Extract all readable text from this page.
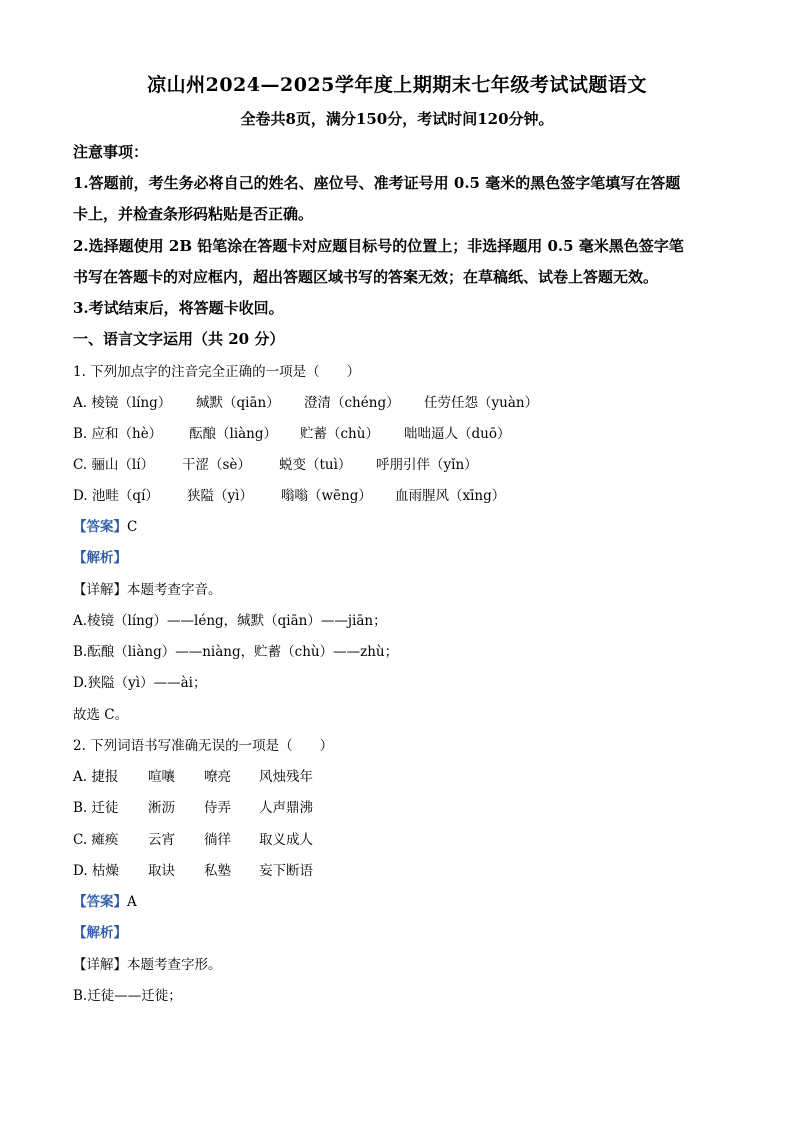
凉山州2024—2025学年度上期期末七年级考试试题语文
全卷共8页，满分150分，考试时间120分钟。
注意事项：
1.答题前，考生务必将自己的姓名、座位号、准考证号用 0.5 毫米的黑色签字笔填写在答题
卡上，并检查条形码粘贴是否正确。
2.选择题使用 2B 铅笔涂在答题卡对应题目标号的位置上；非选择题用 0.5 毫米黑色签字笔
书写在答题卡的对应框内，超出答题区域书写的答案无效；在草稿纸、试卷上答题无效。
3.考试结束后，将答题卡收回。
一、语言文字运用（共 20 分）
1. 下列加点字的注音完全正确的一项是（　　）
A. 棱镜（líng） 缄默（qiān） 澄清（chéng） 任劳任怨（yuàn）
B. 应和（hè） 酝酿（liàng） 贮蓄（chù） 咄咄逼人（duō）
C. 骊山（lí） 干涩（sè） 蜕变（tuì） 呼朋引伴（yǐn）
D. 池畦（qí） 狭隘（yì） 嗡嗡（wēng） 血雨腥风（xīng）
【答案】C
【解析】
【详解】本题考查字音。
A.棱镜（líng）——léng，缄默（qiān）——jiān；
B.酝酿（liàng）——niàng，贮蓄（chù）——zhù；
D.狭隘（yì）——ài；
故选 C。
2. 下列词语书写准确无误的一项是（　　）
A. 捷报 喧嚷 嘹亮 风烛残年
B. 迁徒 淅沥 侍弄 人声鼎沸
C. 瘫痪 云宵 徜徉 取义成人
D. 枯燥 取诀 私塾 妄下断语
【答案】A
【解析】
【详解】本题考查字形。
B.迁徒——迁徙；
